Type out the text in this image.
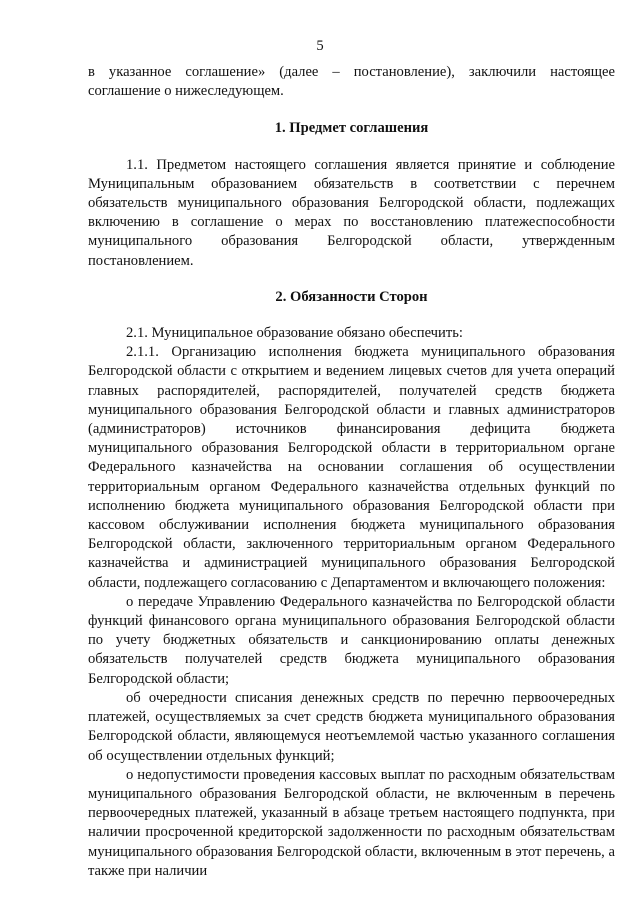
5

в указанное соглашение» (далее – постановление), заключили настоящее соглашение о нижеследующем.

1. Предмет соглашения

1.1. Предметом настоящего соглашения является принятие и соблюдение Муниципальным образованием обязательств в соответствии с перечнем обязательств муниципального образования Белгородской области, подлежащих включению в соглашение о мерах по восстановлению платежеспособности муниципального образования Белгородской области, утвержденным постановлением.

2. Обязанности Сторон

2.1. Муниципальное образование обязано обеспечить:

2.1.1. Организацию исполнения бюджета муниципального образования Белгородской области с открытием и ведением лицевых счетов для учета операций главных распорядителей, распорядителей, получателей средств бюджета муниципального образования Белгородской области и главных администраторов (администраторов) источников финансирования дефицита бюджета муниципального образования Белгородской области в территориальном органе Федерального казначейства на основании соглашения об осуществлении территориальным органом Федерального казначейства отдельных функций по исполнению бюджета муниципального образования Белгородской области при кассовом обслуживании исполнения бюджета муниципального образования Белгородской области, заключенного территориальным органом Федерального казначейства и администрацией муниципального образования Белгородской области, подлежащего согласованию с Департаментом и включающего положения:

о передаче Управлению Федерального казначейства по Белгородской области функций финансового органа муниципального образования Белгородской области по учету бюджетных обязательств и санкционированию оплаты денежных обязательств получателей средств бюджета муниципального образования Белгородской области;

об очередности списания денежных средств по перечню первоочередных платежей, осуществляемых за счет средств бюджета муниципального образования Белгородской области, являющемуся неотъемлемой частью указанного соглашения об осуществлении отдельных функций;

о недопустимости проведения кассовых выплат по расходным обязательствам муниципального образования Белгородской области, не включенным в перечень первоочередных платежей, указанный в абзаце третьем настоящего подпункта, при наличии просроченной кредиторской задолженности по расходным обязательствам муниципального образования Белгородской области, включенным в этот перечень, а также при наличии
